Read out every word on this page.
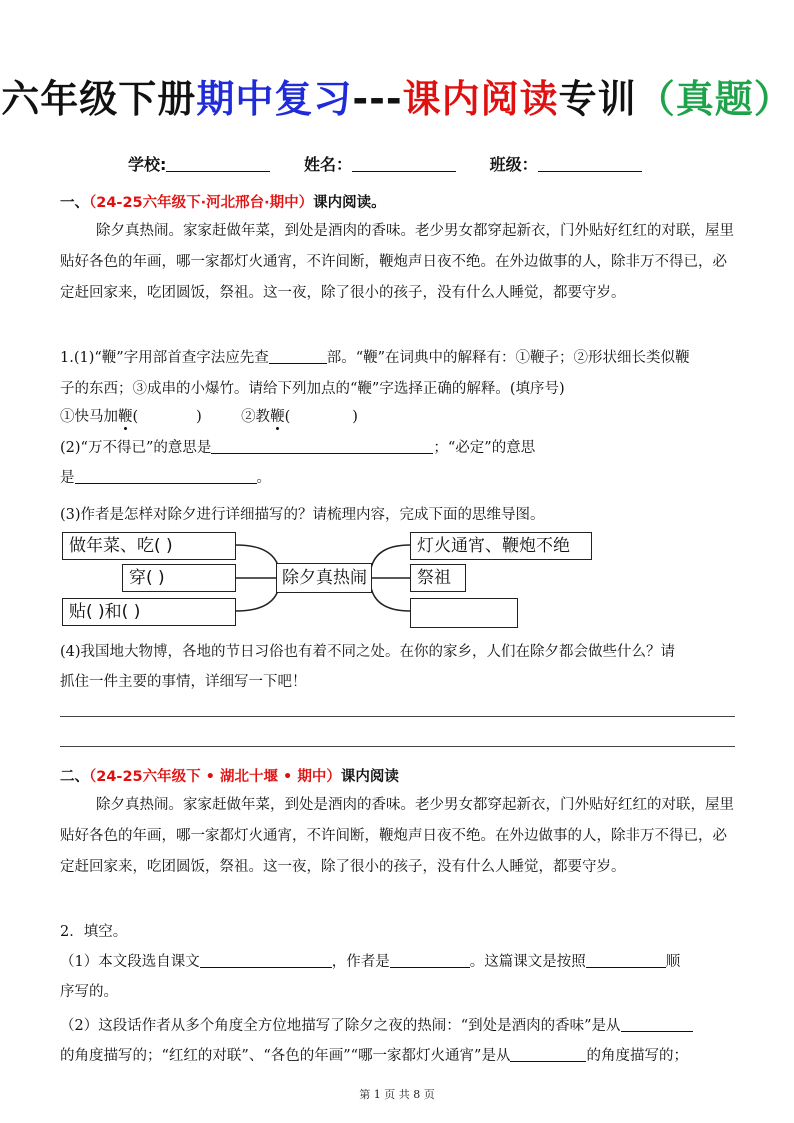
六年级下册期中复习---课内阅读专训（真题）
学校:	姓名：	班级：
一、（24-25六年级下·河北邢台·期中）课内阅读。
除夕真热闹。家家赶做年菜，到处是酒肉的香味。老少男女都穿起新衣，门外贴好红红的对联，屋里贴好各色的年画，哪一家都灯火通宵，不许间断，鞭炮声日夜不绝。在外边做事的人，除非万不得已，必定赶回家来，吃团圆饭，祭祖。这一夜，除了很小的孩子，没有什么人睡觉，都要守岁。
1.(1)“鞭”字用部首查字法应先查	部。“鞭”在词典中的解释有：①鞭子；②形状细长类似鞭
子的东西；③成串的小爆竹。请给下列加点的“鞭”字选择正确的解释。(填序号)
①快马加鞭(	)	②教鞭(	)
(2)“万不得已”的意思是	；“必定”的意思
是	。
(3)作者是怎样对除夕进行详细描写的？请梳理内容，完成下面的思维导图。
做年菜、吃( )
穿( )
贴( )和( )
除夕真热闹
灯火通宵、鞭炮不绝
祭祖
(4)我国地大物博，各地的节日习俗也有着不同之处。在你的家乡，人们在除夕都会做些什么？请
抓住一件主要的事情，详细写一下吧！
二、（24-25六年级下 • 湖北十堰 • 期中）课内阅读
除夕真热闹。家家赶做年菜，到处是酒肉的香味。老少男女都穿起新衣，门外贴好红红的对联，屋里贴好各色的年画，哪一家都灯火通宵，不许间断，鞭炮声日夜不绝。在外边做事的人，除非万不得已，必定赶回家来，吃团圆饭，祭祖。这一夜，除了很小的孩子，没有什么人睡觉，都要守岁。
2．填空。
（1）本文段选自课文	，作者是	。这篇课文是按照	顺
序写的。
（2）这段话作者从多个角度全方位地描写了除夕之夜的热闹：“到处是酒肉的香味”是从
的角度描写的；“红红的对联”、“各色的年画”“哪一家都灯火通宵”是从	的角度描写的；
第 1 页 共 8 页
